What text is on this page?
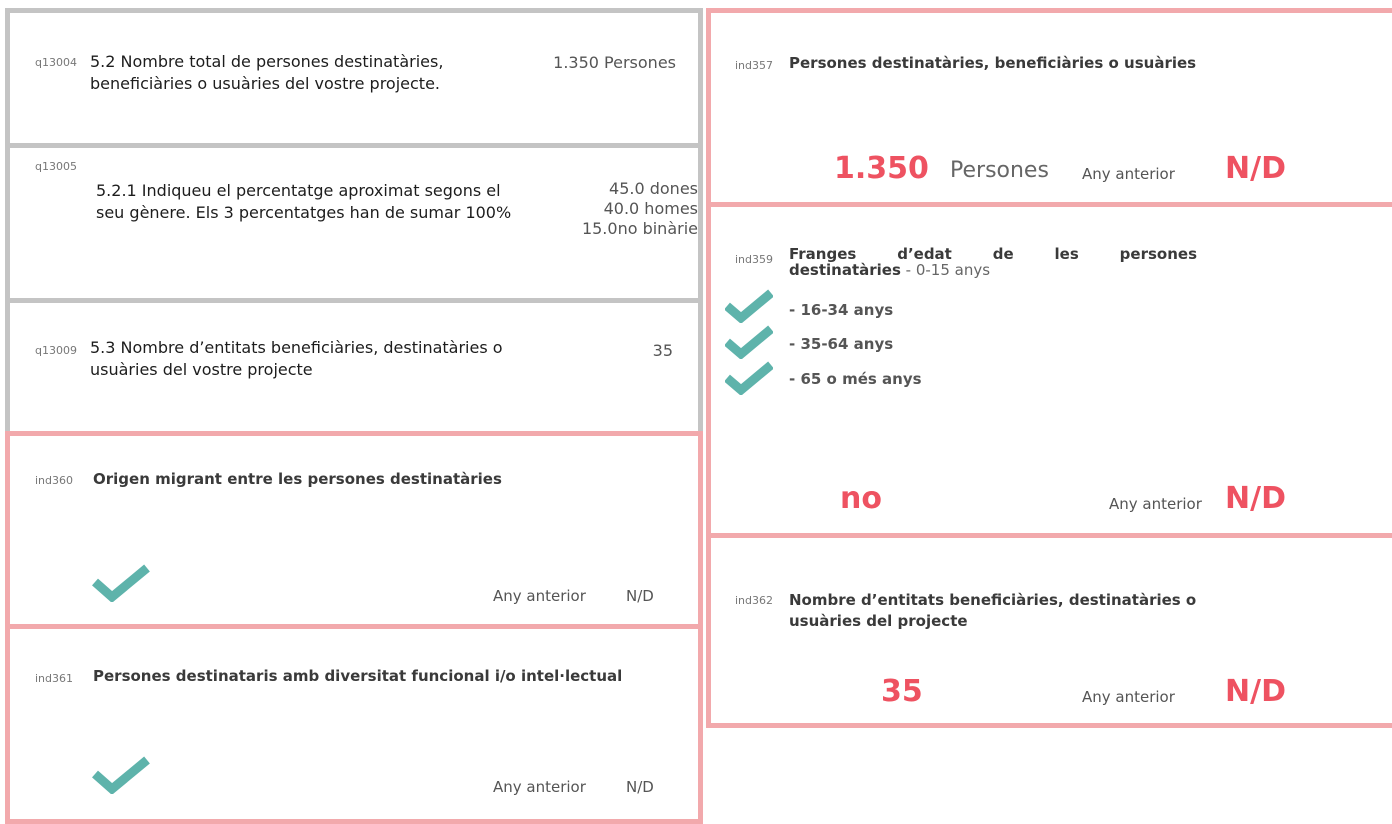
q13004 5.2 Nombre total de persones destinatàries, beneficiàries o usuàries del vostre projecte.
1.350 Persones
q13005
5.2.1 Indiqueu el percentatge aproximat segons el seu gènere. Els 3 percentatges han de sumar 100%
45.0 dones
40.0 homes
15.0no binàrie
q13009 5.3 Nombre d’entitats beneficiàries, destinatàries o usuàries del vostre projecte
35
ind360 Origen migrant entre les persones destinatàries
Any anterior	N/D
ind361 Persones destinataris amb diversitat funcional i/o intel·lectual
Any anterior	N/D
ind357 Persones destinatàries, beneficiàries o usuàries
1.350 Persones Any anterior N/D
ind359 Franges d’edat de les persones
destinatàries - 0-15 anys
- 16-34 anys
- 35-64 anys
- 65 o més anys
no	Any anterior N/D
ind362 Nombre d’entitats beneficiàries, destinatàries o usuàries del projecte
35	Any anterior N/D
